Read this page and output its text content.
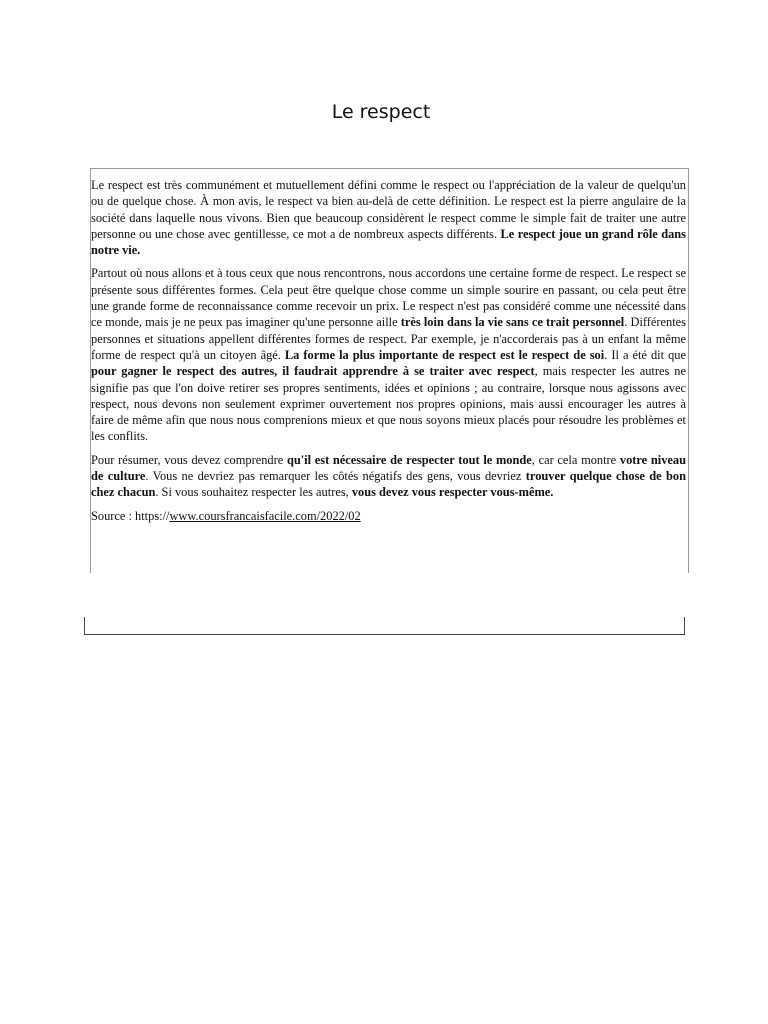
Le respect

Le respect est très communément et mutuellement défini comme le respect ou l'appréciation de la valeur de quelqu'un ou de quelque chose. À mon avis, le respect va bien au-delà de cette définition. Le respect est la pierre angulaire de la société dans laquelle nous vivons. Bien que beaucoup considèrent le respect comme le simple fait de traiter une autre personne ou une chose avec gentillesse, ce mot a de nombreux aspects différents. Le respect joue un grand rôle dans notre vie.

Partout où nous allons et à tous ceux que nous rencontrons, nous accordons une certaine forme de respect. Le respect se présente sous différentes formes. Cela peut être quelque chose comme un simple sourire en passant, ou cela peut être une grande forme de reconnaissance comme recevoir un prix. Le respect n'est pas considéré comme une nécessité dans ce monde, mais je ne peux pas imaginer qu'une personne aille très loin dans la vie sans ce trait personnel. Différentes personnes et situations appellent différentes formes de respect. Par exemple, je n'accorderais pas à un enfant la même forme de respect qu'à un citoyen âgé. La forme la plus importante de respect est le respect de soi. Il a été dit que pour gagner le respect des autres, il faudrait apprendre à se traiter avec respect, mais respecter les autres ne signifie pas que l'on doive retirer ses propres sentiments, idées et opinions ; au contraire, lorsque nous agissons avec respect, nous devons non seulement exprimer ouvertement nos propres opinions, mais aussi encourager les autres à faire de même afin que nous nous comprenions mieux et que nous soyons mieux placés pour résoudre les problèmes et les conflits.

Pour résumer, vous devez comprendre qu'il est nécessaire de respecter tout le monde, car cela montre votre niveau de culture. Vous ne devriez pas remarquer les côtés négatifs des gens, vous devriez trouver quelque chose de bon chez chacun. Si vous souhaitez respecter les autres, vous devez vous respecter vous-même.

Source : https://www.coursfrancaisfacile.com/2022/02
